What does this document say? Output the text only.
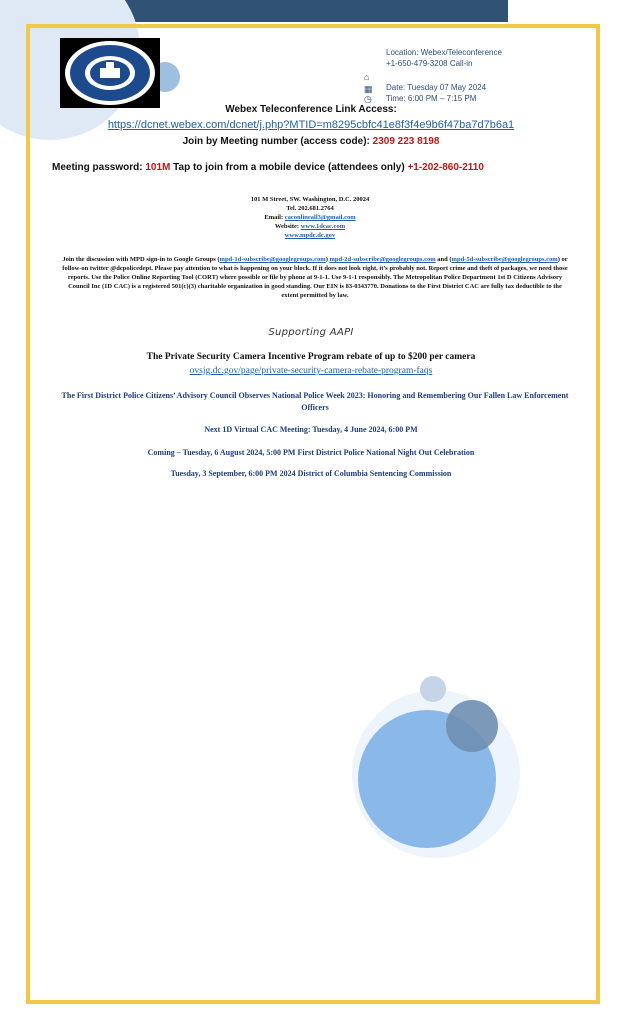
⌂
▦
◷
Location: Webex/Teleconference
+1-650-479-3208 Call-in
Date: Tuesday 07 May 2024
Time: 6:00 PM – 7:15 PM
Webex Teleconference Link Access:
https://dcnet.webex.com/dcnet/j.php?MTID=m8295cbfc41e8f3f4e9b6f47ba7d7b6a1
Join by Meeting number (access code): 2309 223 8198
Meeting password: 101M Tap to join from a mobile device (attendees only) +1-202-860-2110
101 M Street, SW. Washington, D.C. 20024
Tel. 202.681.2764
Email: caconlineall3@gmail.com
Website: www.1dcac.com
www.mpdc.dc.gov
Join the discussion with MPD sign-in to Google Groups (mpd-1d-subscribe@googlegroups.com) mpd-2d-subscribe@googlegroups.com and (mpd-5d-subscribe@googlegroups.com) or follow-on twitter @dcpolicedept. Please pay attention to what is happening on your block. If it does not look right, it’s probably not. Report crime and theft of packages, we need those reports. Use the Police Online Reporting Tool (CORT) where possible or file by phone at 9-1-1. Use 9-1-1 responsibly. The Metropolitan Police Department 1st D Citizens Advisory Council Inc (1D CAC) is a registered 501(c)(3) charitable organization in good standing. Our EIN is 83-0343770. Donations to the First District CAC are fully tax deductible to the extent permitted by law.
Supporting AAPI
The Private Security Camera Incentive Program rebate of up to $200 per camera
ovsjg.dc.gov/page/private-security-camera-rebate-program-faqs
The First District Police Citizens’ Advisory Council Observes National Police Week 2023: Honoring and Remembering Our Fallen Law Enforcement Officers
Next 1D Virtual CAC Meeting: Tuesday, 4 June 2024, 6:00 PM
Coming – Tuesday, 6 August 2024, 5:00 PM First District Police National Night Out Celebration
Tuesday, 3 September, 6:00 PM 2024 District of Columbia Sentencing Commission
